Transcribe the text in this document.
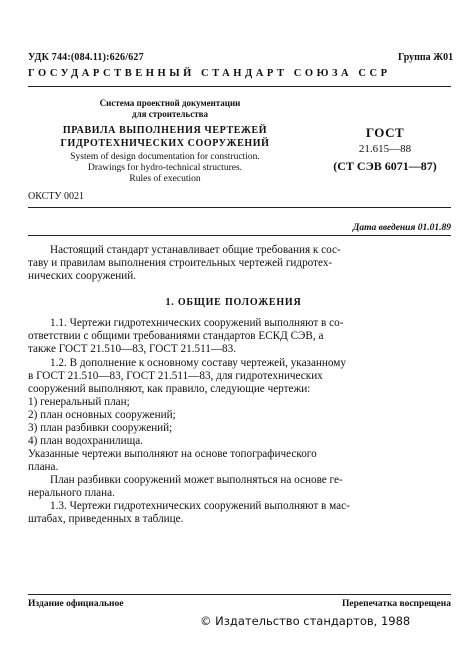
УДК 744:(084.11):626/627	Группа Ж01
ГОСУДАРСТВЕННЫЙ СТАНДАРТ СОЮЗА ССР
Система проектной документации
для строительства
ПРАВИЛА ВЫПОЛНЕНИЯ ЧЕРТЕЖЕЙ
ГИДРОТЕХНИЧЕСКИХ СООРУЖЕНИЙ
System of design documentation for construction.
Drawings for hydro-technical structures.
Rules of execution
ГОСТ
21.615—88
(СТ СЭВ 6071—87)
ОКСТУ 0021
Дата введения 01.01.89
Настоящий стандарт устанавливает общие требования к сос-
таву и правилам выполнения строительных чертежей гидротех-
нических сооружений.
1. ОБЩИЕ ПОЛОЖЕНИЯ
1.1. Чертежи гидротехнических сооружений выполняют в со-
ответствии с общими требованиями стандартов ЕСКД СЭВ, а
также ГОСТ 21.510—83, ГОСТ 21.511—83.
1.2. В дополнение к основному составу чертежей, указанному
в ГОСТ 21.510—83, ГОСТ 21.511—83, для гидротехнических
сооружений выполняют, как правило, следующие чертежи:
1) генеральный план;
2) план основных сооружений;
3) план разбивки сооружений;
4) план водохранилища.
Указанные чертежи выполняют на основе топографического
плана.
План разбивки сооружений может выполняться на основе ге-
нерального плана.
1.3. Чертежи гидротехнических сооружений выполняют в мас-
штабах, приведенных в таблице.
Издание официальное	Перепечатка воспрещена
© Издательство стандартов, 1988
